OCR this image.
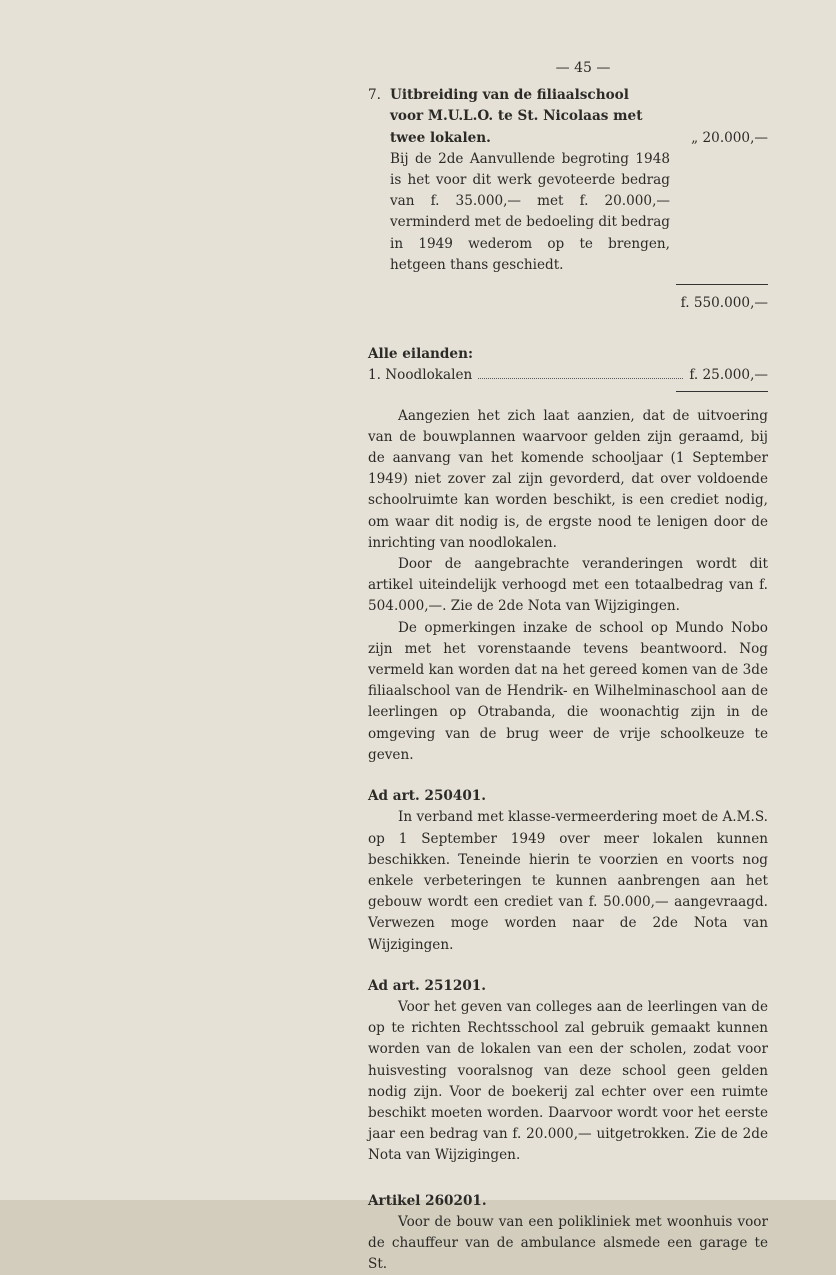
— 45 —
7. Uitbreiding van de filiaalschool voor M.U.L.O. te St. Nicolaas met twee lokalen.	„ 20.000,—
Bij de 2de Aanvullende begroting 1948 is het voor dit werk gevoteerde bedrag van f. 35.000,— met f. 20.000,— verminderd met de bedoeling dit bedrag in 1949 wederom op te brengen, hetgeen thans geschiedt.
f. 550.000,—
Alle eilanden:
1. Noodlokalen	f. 25.000,—

Aangezien het zich laat aanzien, dat de uitvoering van de bouwplannen waarvoor gelden zijn geraamd, bij de aanvang van het komende schooljaar (1 September 1949) niet zover zal zijn gevorderd, dat over voldoende schoolruimte kan worden beschikt, is een crediet nodig, om waar dit nodig is, de ergste nood te lenigen door de inrichting van noodlokalen.

Door de aangebrachte veranderingen wordt dit artikel uiteindelijk verhoogd met een totaalbedrag van f. 504.000,—. Zie de 2de Nota van Wijzigingen.

De opmerkingen inzake de school op Mundo Nobo zijn met het vorenstaande tevens beantwoord. Nog vermeld kan worden dat na het gereed komen van de 3de filiaalschool van de Hendrik- en Wilhelminaschool aan de leerlingen op Otrabanda, die woonachtig zijn in de omgeving van de brug weer de vrije schoolkeuze te geven.

Ad art. 250401.

In verband met klasse-vermeerdering moet de A.M.S. op 1 September 1949 over meer lokalen kunnen beschikken. Teneinde hierin te voorzien en voorts nog enkele verbeteringen te kunnen aanbrengen aan het gebouw wordt een crediet van f. 50.000,— aangevraagd. Verwezen moge worden naar de 2de Nota van Wijzigingen.

Ad art. 251201.

Voor het geven van colleges aan de leerlingen van de op te richten Rechtsschool zal gebruik gemaakt kunnen worden van de lokalen van een der scholen, zodat voor huisvesting vooralsnog van deze school geen gelden nodig zijn. Voor de boekerij zal echter over een ruimte beschikt moeten worden. Daarvoor wordt voor het eerste jaar een bedrag van f. 20.000,— uitgetrokken. Zie de 2de Nota van Wijzigingen.

Artikel 260201.

Voor de bouw van een polikliniek met woonhuis voor de chauffeur van de ambulance alsmede een garage te St.
